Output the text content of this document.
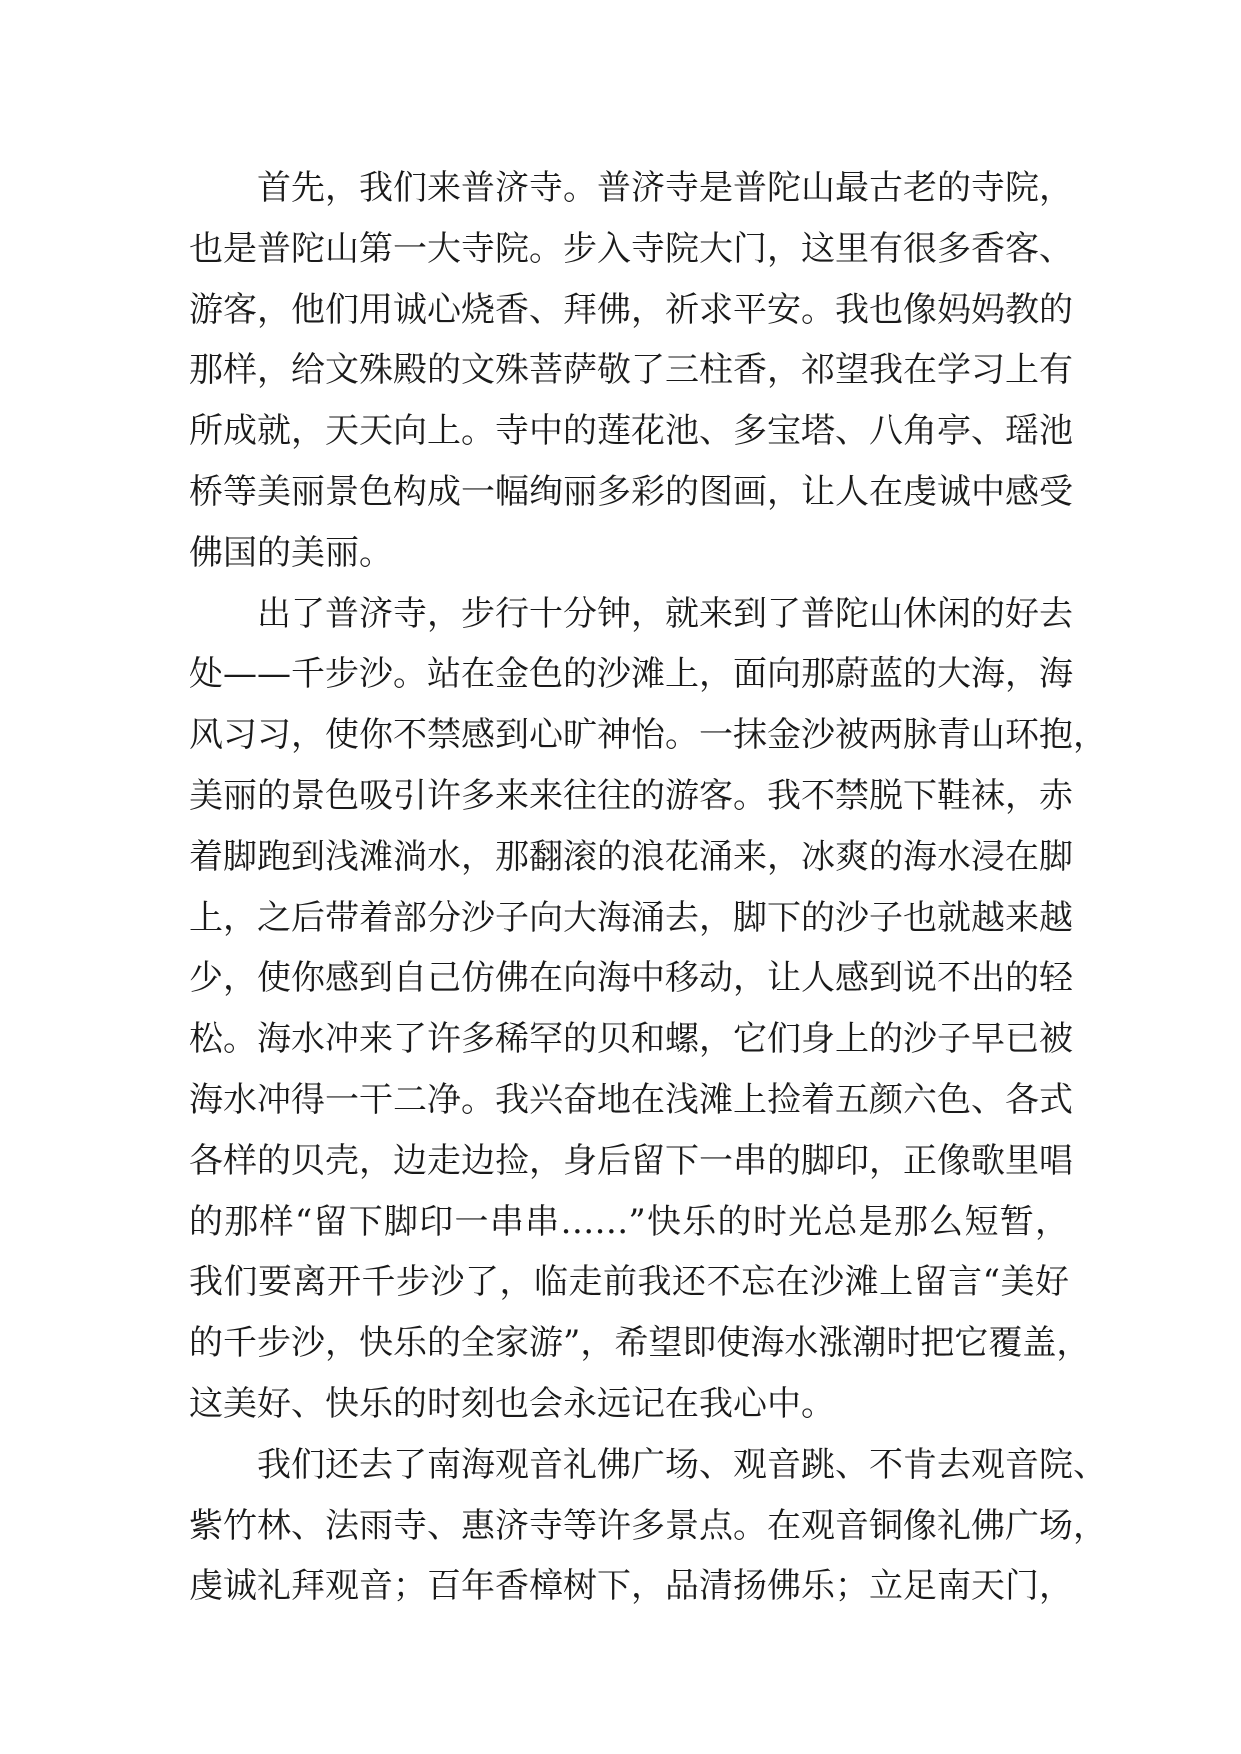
首先，我们来普济寺。普济寺是普陀山最古老的寺院，
也是普陀山第一大寺院。步入寺院大门，这里有很多香客、
游客，他们用诚心烧香、拜佛，祈求平安。我也像妈妈教的
那样，给文殊殿的文殊菩萨敬了三柱香，祁望我在学习上有
所成就，天天向上。寺中的莲花池、多宝塔、八角亭、瑶池
桥等美丽景色构成一幅绚丽多彩的图画，让人在虔诚中感受
佛国的美丽。
出了普济寺，步行十分钟，就来到了普陀山休闲的好去
处——千步沙。站在金色的沙滩上，面向那蔚蓝的大海，海
风习习，使你不禁感到心旷神怡。一抹金沙被两脉青山环抱，
美丽的景色吸引许多来来往往的游客。我不禁脱下鞋袜，赤
着脚跑到浅滩淌水，那翻滚的浪花涌来，冰爽的海水浸在脚
上，之后带着部分沙子向大海涌去，脚下的沙子也就越来越
少，使你感到自己仿佛在向海中移动，让人感到说不出的轻
松。海水冲来了许多稀罕的贝和螺，它们身上的沙子早已被
海水冲得一干二净。我兴奋地在浅滩上捡着五颜六色、各式
各样的贝壳，边走边捡，身后留下一串的脚印，正像歌里唱
的那样“留下脚印一串串……”快乐的时光总是那么短暂，
我们要离开千步沙了，临走前我还不忘在沙滩上留言“美好
的千步沙，快乐的全家游”，希望即使海水涨潮时把它覆盖，
这美好、快乐的时刻也会永远记在我心中。
我们还去了南海观音礼佛广场、观音跳、不肯去观音院、
紫竹林、法雨寺、惠济寺等许多景点。在观音铜像礼佛广场，
虔诚礼拜观音；百年香樟树下，品清扬佛乐；立足南天门，
